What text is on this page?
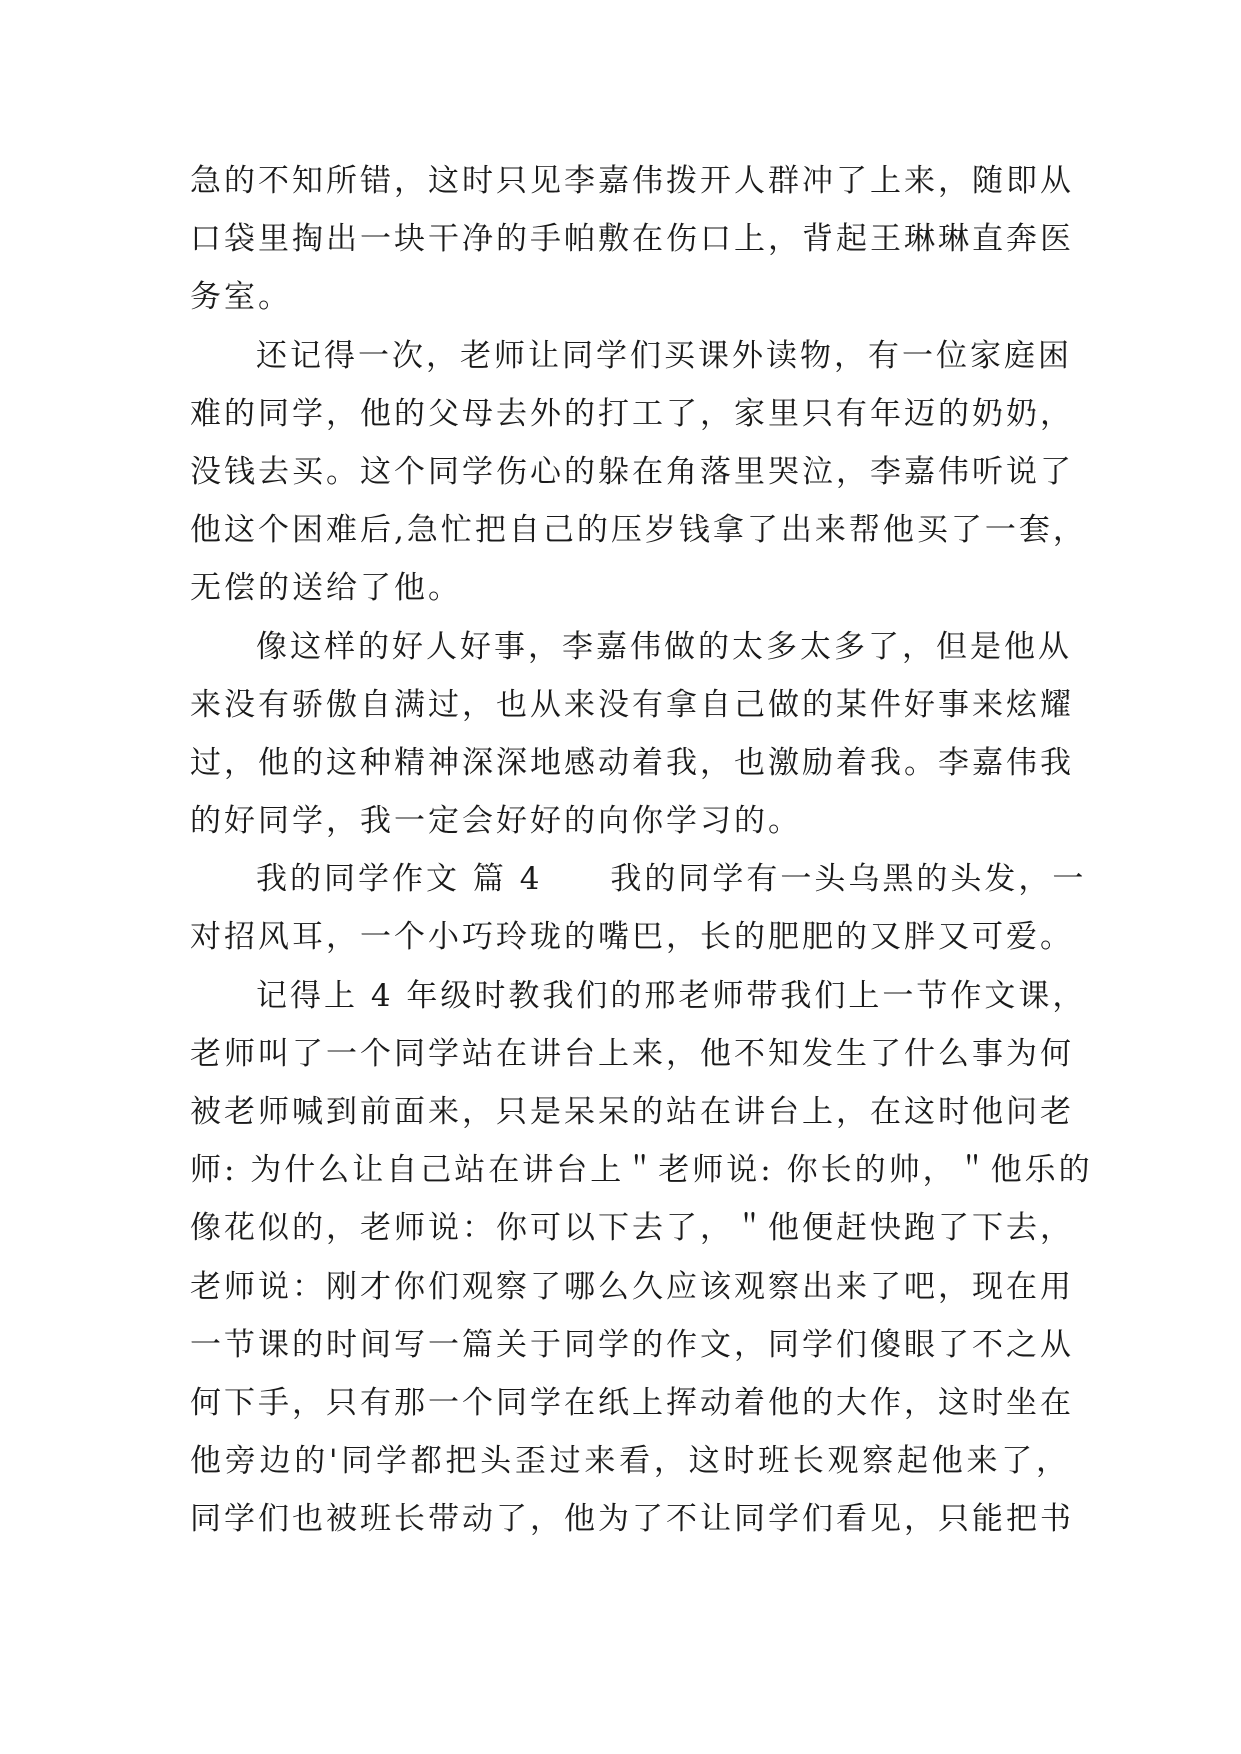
急的不知所错，这时只见李嘉伟拨开人群冲了上来，随即从
口袋里掏出一块干净的手帕敷在伤口上，背起王琳琳直奔医
务室。
还记得一次，老师让同学们买课外读物，有一位家庭困
难的同学，他的父母去外的打工了，家里只有年迈的奶奶，
没钱去买。这个同学伤心的躲在角落里哭泣，李嘉伟听说了
他这个困难后,急忙把自己的压岁钱拿了出来帮他买了一套，
无偿的送给了他。
像这样的好人好事，李嘉伟做的太多太多了，但是他从
来没有骄傲自满过，也从来没有拿自己做的某件好事来炫耀
过，他的这种精神深深地感动着我，也激励着我。李嘉伟我
的好同学，我一定会好好的向你学习的。
我的同学作文 篇 4　　我的同学有一头乌黑的头发，一
对招风耳，一个小巧玲珑的嘴巴，长的肥肥的又胖又可爱。
记得上 4 年级时教我们的邢老师带我们上一节作文课，
老师叫了一个同学站在讲台上来，他不知发生了什么事为何
被老师喊到前面来，只是呆呆的站在讲台上，在这时他问老
师: 为什么让自己站在讲台上＂老师说: 你长的帅，＂他乐的
像花似的，老师说：你可以下去了，＂他便赶快跑了下去，
老师说：刚才你们观察了哪么久应该观察出来了吧，现在用
一节课的时间写一篇关于同学的作文，同学们傻眼了不之从
何下手，只有那一个同学在纸上挥动着他的大作，这时坐在
他旁边的'同学都把头歪过来看，这时班长观察起他来了，
同学们也被班长带动了，他为了不让同学们看见，只能把书
